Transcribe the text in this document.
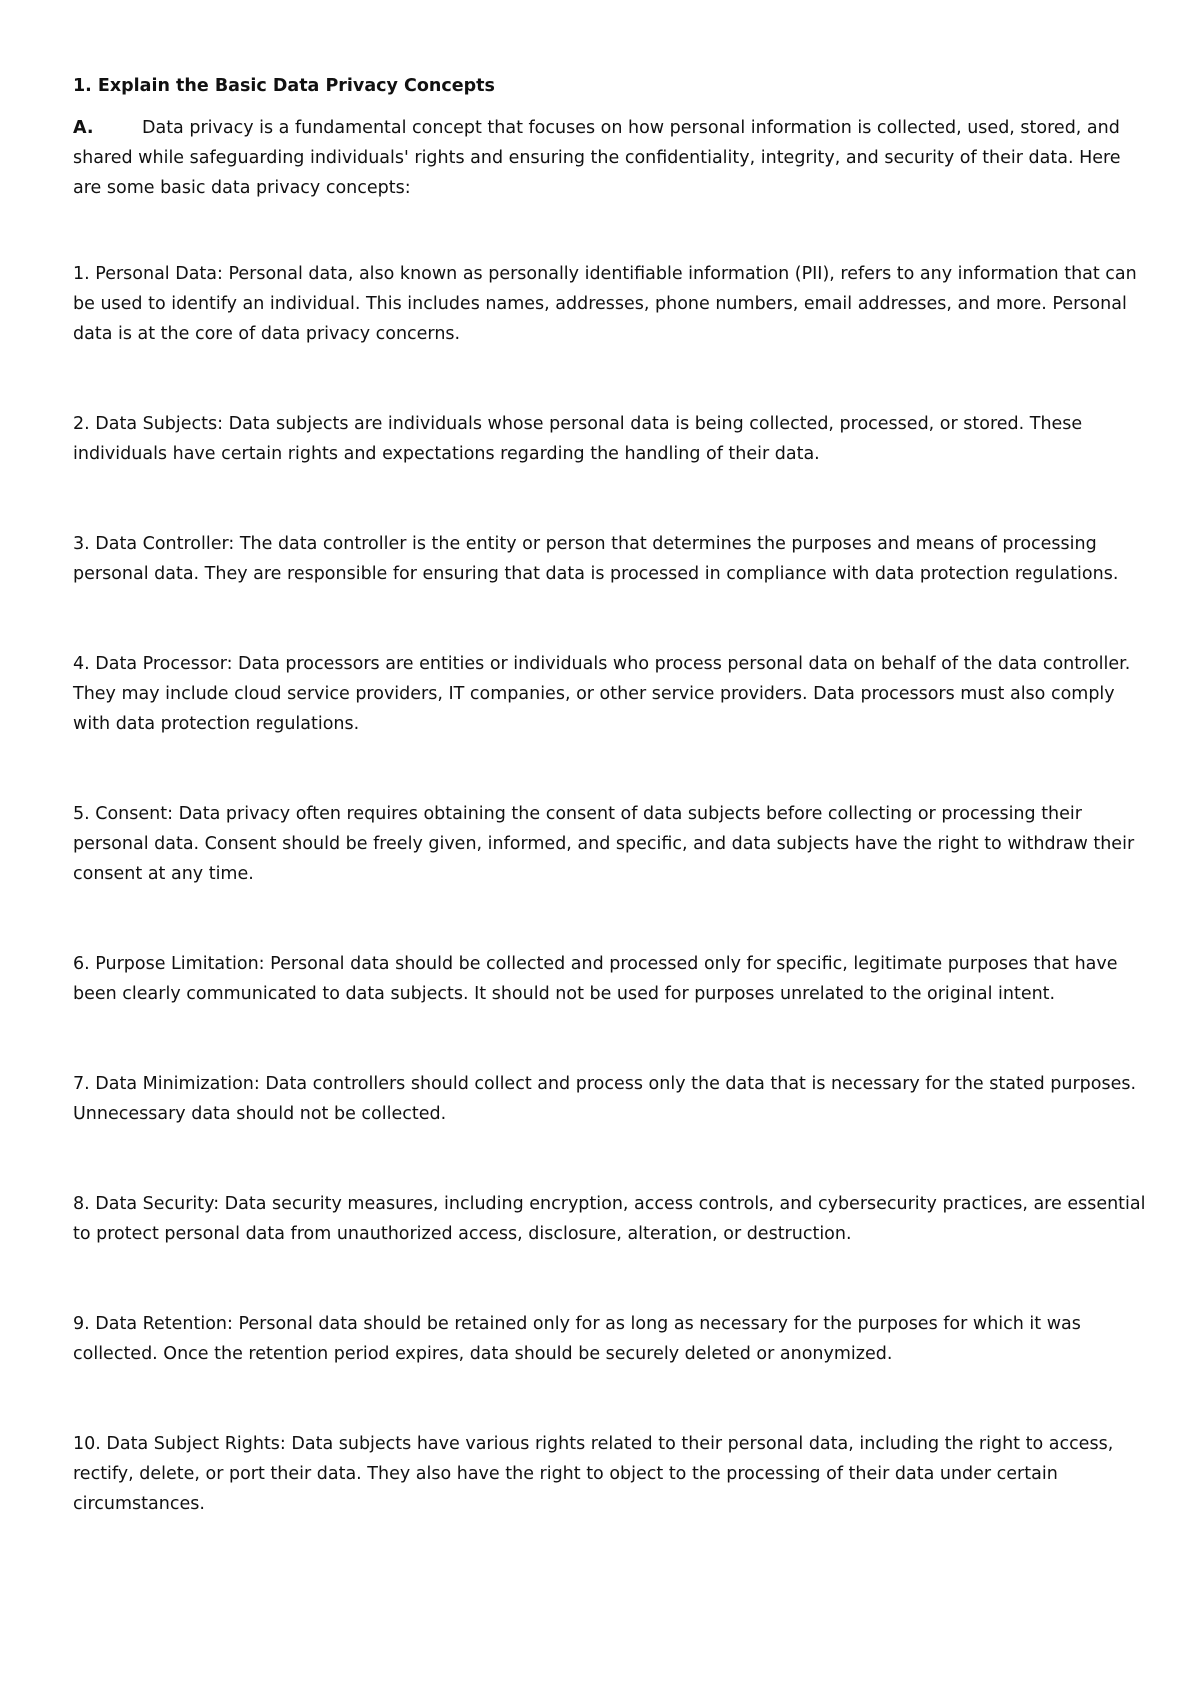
1. Explain the Basic Data Privacy Concepts

A.	Data privacy is a fundamental concept that focuses on how personal information is collected, used, stored, and shared while safeguarding individuals' rights and ensuring the confidentiality, integrity, and security of their data. Here are some basic data privacy concepts:

1. Personal Data: Personal data, also known as personally identifiable information (PII), refers to any information that can be used to identify an individual. This includes names, addresses, phone numbers, email addresses, and more. Personal data is at the core of data privacy concerns.
2. Data Subjects: Data subjects are individuals whose personal data is being collected, processed, or stored. These individuals have certain rights and expectations regarding the handling of their data.
3. Data Controller: The data controller is the entity or person that determines the purposes and means of processing personal data. They are responsible for ensuring that data is processed in compliance with data protection regulations.
4. Data Processor: Data processors are entities or individuals who process personal data on behalf of the data controller. They may include cloud service providers, IT companies, or other service providers. Data processors must also comply with data protection regulations.
5. Consent: Data privacy often requires obtaining the consent of data subjects before collecting or processing their personal data. Consent should be freely given, informed, and specific, and data subjects have the right to withdraw their consent at any time.
6. Purpose Limitation: Personal data should be collected and processed only for specific, legitimate purposes that have been clearly communicated to data subjects. It should not be used for purposes unrelated to the original intent.
7. Data Minimization: Data controllers should collect and process only the data that is necessary for the stated purposes. Unnecessary data should not be collected.
8. Data Security: Data security measures, including encryption, access controls, and cybersecurity practices, are essential to protect personal data from unauthorized access, disclosure, alteration, or destruction.
9. Data Retention: Personal data should be retained only for as long as necessary for the purposes for which it was collected. Once the retention period expires, data should be securely deleted or anonymized.
10. Data Subject Rights: Data subjects have various rights related to their personal data, including the right to access, rectify, delete, or port their data. They also have the right to object to the processing of their data under certain circumstances.
